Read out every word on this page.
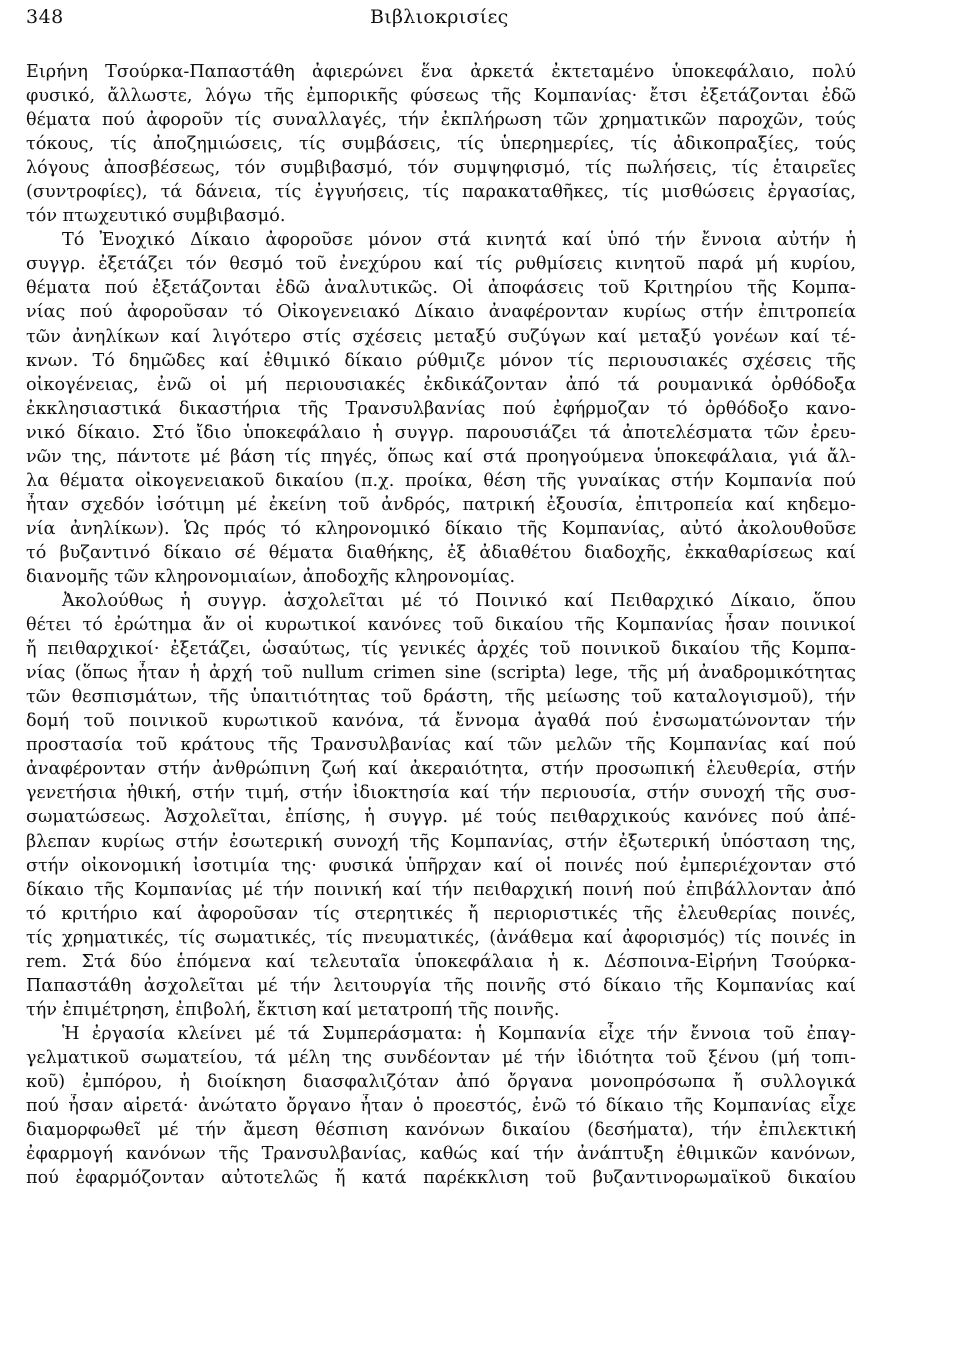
348	Βιβλιοκρισίες
Ειρήνη Τσούρκα-Παπαστάθη ἀφιερώνει ἕνα ἀρκετά ἐκτεταμένο ὑποκεφάλαιο, πολύ
φυσικό, ἄλλωστε, λόγω τῆς ἐμπορικῆς φύσεως τῆς Κομπανίας· ἔτσι ἐξετάζονται ἐδῶ
θέματα πού ἀφοροῦν τίς συναλλαγές, τήν ἐκπλήρωση τῶν χρηματικῶν παροχῶν, τούς
τόκους, τίς ἀποζημιώσεις, τίς συμβάσεις, τίς ὑπερημερίες, τίς ἀδικοπραξίες, τούς
λόγους ἀποσβέσεως, τόν συμβιβασμό, τόν συμψηφισμό, τίς πωλήσεις, τίς ἑταιρεῖες
(συντροφίες), τά δάνεια, τίς ἐγγυήσεις, τίς παρακαταθῆκες, τίς μισθώσεις ἐργασίας,
τόν πτωχευτικό συμβιβασμό.
Τό Ἐνοχικό Δίκαιο ἀφοροῦσε μόνον στά κινητά καί ὑπό τήν ἔννοια αὐτήν ἡ
συγγρ. ἐξετάζει τόν θεσμό τοῦ ἐνεχύρου καί τίς ρυθμίσεις κινητοῦ παρά μή κυρίου,
θέματα πού ἐξετάζονται ἐδῶ ἀναλυτικῶς. Οἱ ἀποφάσεις τοῦ Κριτηρίου τῆς Κομπα-
νίας πού ἀφοροῦσαν τό Οἰκογενειακό Δίκαιο ἀναφέρονταν κυρίως στήν ἐπιτροπεία
τῶν ἀνηλίκων καί λιγότερο στίς σχέσεις μεταξύ συζύγων καί μεταξύ γονέων καί τέ-
κνων. Τό δημῶδες καί ἐθιμικό δίκαιο ρύθμιζε μόνον τίς περιουσιακές σχέσεις τῆς
οἰκογένειας, ἐνῶ οἱ μή περιουσιακές ἐκδικάζονταν ἀπό τά ρουμανικά ὀρθόδοξα
ἐκκλησιαστικά δικαστήρια τῆς Τρανσυλβανίας πού ἐφήρμοζαν τό ὀρθόδοξο κανο-
νικό δίκαιο. Στό ἴδιο ὑποκεφάλαιο ἡ συγγρ. παρουσιάζει τά ἀποτελέσματα τῶν ἐρευ-
νῶν της, πάντοτε μέ βάση τίς πηγές, ὅπως καί στά προηγούμενα ὑποκεφάλαια, γιά ἄλ-
λα θέματα οἰκογενειακοῦ δικαίου (π.χ. προίκα, θέση τῆς γυναίκας στήν Κομπανία πού
ἦταν σχεδόν ἰσότιμη μέ ἐκείνη τοῦ ἀνδρός, πατρική ἐξουσία, ἐπιτροπεία καί κηδεμο-
νία ἀνηλίκων). Ὡς πρός τό κληρονομικό δίκαιο τῆς Κομπανίας, αὐτό ἀκολουθοῦσε
τό βυζαντινό δίκαιο σέ θέματα διαθήκης, ἐξ ἀδιαθέτου διαδοχῆς, ἐκκαθαρίσεως καί
διανομῆς τῶν κληρονομιαίων, ἀποδοχῆς κληρονομίας.
Ἀκολούθως ἡ συγγρ. ἀσχολεῖται μέ τό Ποινικό καί Πειθαρχικό Δίκαιο, ὅπου
θέτει τό ἐρώτημα ἄν οἱ κυρωτικοί κανόνες τοῦ δικαίου τῆς Κομπανίας ἦσαν ποινικοί
ἤ πειθαρχικοί· ἐξετάζει, ὡσαύτως, τίς γενικές ἀρχές τοῦ ποινικοῦ δικαίου τῆς Κομπα-
νίας (ὅπως ἦταν ἡ ἀρχή τοῦ nullum crimen sine (scripta) lege, τῆς μή ἀναδρομικότητας
τῶν θεσπισμάτων, τῆς ὑπαιτιότητας τοῦ δράστη, τῆς μείωσης τοῦ καταλογισμοῦ), τήν
δομή τοῦ ποινικοῦ κυρωτικοῦ κανόνα, τά ἔννομα ἀγαθά πού ἐνσωματώνονταν τήν
προστασία τοῦ κράτους τῆς Τρανσυλβανίας καί τῶν μελῶν τῆς Κομπανίας καί πού
ἀναφέρονταν στήν ἀνθρώπινη ζωή καί ἀκεραιότητα, στήν προσωπική ἐλευθερία, στήν
γενετήσια ἠθική, στήν τιμή, στήν ἰδιοκτησία καί τήν περιουσία, στήν συνοχή τῆς συσ-
σωματώσεως. Ἀσχολεῖται, ἐπίσης, ἡ συγγρ. μέ τούς πειθαρχικούς κανόνες πού ἀπέ-
βλεπαν κυρίως στήν ἐσωτερική συνοχή τῆς Κομπανίας, στήν ἐξωτερική ὑπόσταση της,
στήν οἰκονομική ἰσοτιμία της· φυσικά ὑπῆρχαν καί οἱ ποινές πού ἐμπεριέχονταν στό
δίκαιο τῆς Κομπανίας μέ τήν ποινική καί τήν πειθαρχική ποινή πού ἐπιβάλλονταν ἀπό
τό κριτήριο καί ἀφοροῦσαν τίς στερητικές ἤ περιοριστικές τῆς ἐλευθερίας ποινές,
τίς χρηματικές, τίς σωματικές, τίς πνευματικές, (ἀνάθεμα καί ἀφορισμός) τίς ποινές in
rem. Στά δύο ἑπόμενα καί τελευταῖα ὑποκεφάλαια ἡ κ. Δέσποινα-Εἰρήνη Τσούρκα-
Παπαστάθη ἀσχολεῖται μέ τήν λειτουργία τῆς ποινῆς στό δίκαιο τῆς Κομπανίας καί
τήν ἐπιμέτρηση, ἐπιβολή, ἔκτιση καί μετατροπή τῆς ποινῆς.
Ἡ ἐργασία κλείνει μέ τά Συμπεράσματα: ἡ Κομπανία εἶχε τήν ἔννοια τοῦ ἐπαγ-
γελματικοῦ σωματείου, τά μέλη της συνδέονταν μέ τήν ἰδιότητα τοῦ ξένου (μή τοπι-
κοῦ) ἐμπόρου, ἡ διοίκηση διασφαλιζόταν ἀπό ὄργανα μονοπρόσωπα ἤ συλλογικά
πού ἦσαν αἱρετά· ἀνώτατο ὄργανο ἦταν ὁ προεστός, ἐνῶ τό δίκαιο τῆς Κομπανίας εἶχε
διαμορφωθεῖ μέ τήν ἄμεση θέσπιση κανόνων δικαίου (δεσήματα), τήν ἐπιλεκτική
ἐφαρμογή κανόνων τῆς Τρανσυλβανίας, καθώς καί τήν ἀνάπτυξη ἐθιμικῶν κανόνων,
πού ἐφαρμόζονταν αὐτοτελῶς ἤ κατά παρέκκλιση τοῦ βυζαντινορωμαϊκοῦ δικαίου
